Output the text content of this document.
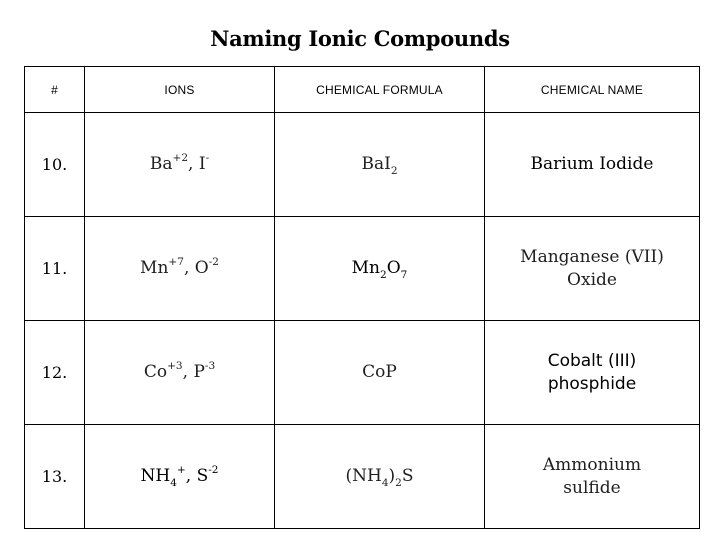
Naming Ionic Compounds
#	IONS	CHEMICAL FORMULA	CHEMICAL NAME
10.	$Ba^{+2}$, I-	BaI$_2$	Barium Iodide
11.	$Mn^{+7}$, $O^{-2}$	$Mn_2O_7$	Manganese (VII)
Oxide

12.	$Co^{+3}$, $P^{-3}$	CoP	Cobalt (III)
phosphide

13.	$NH_4^+$, $S^{-2}$	$(NH_4)_2S$	Ammonium
sulfide
